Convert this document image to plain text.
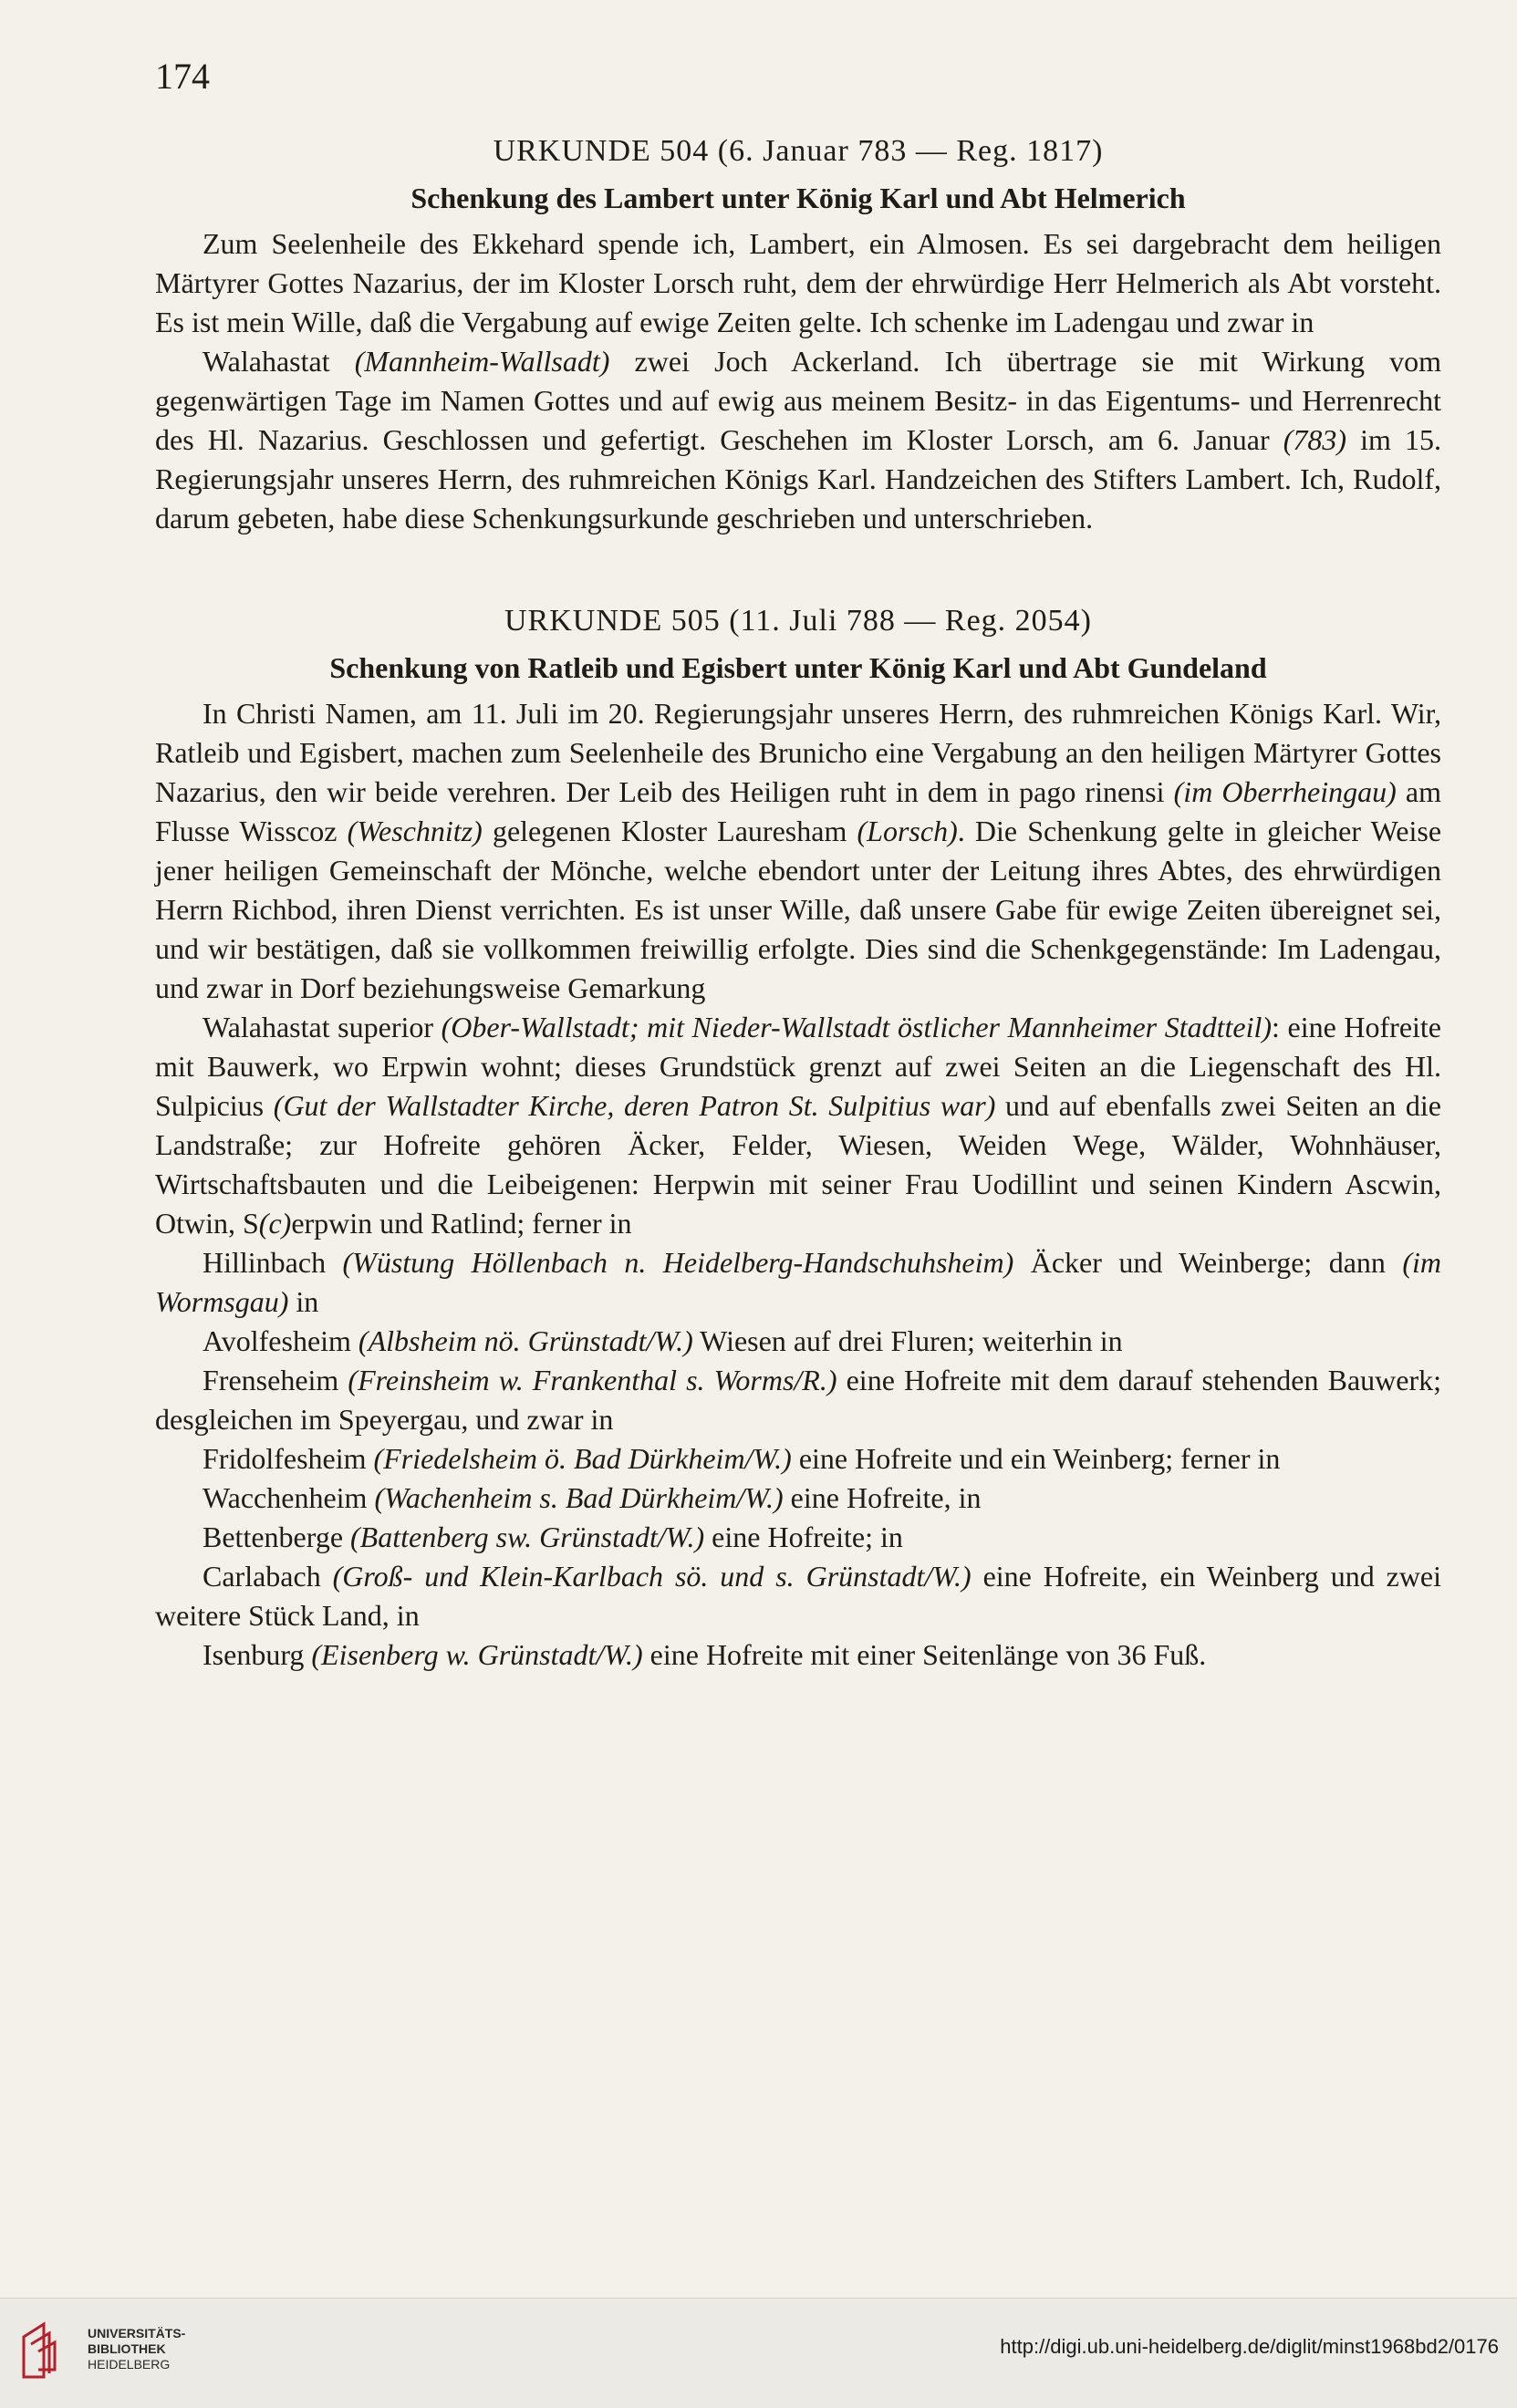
174
URKUNDE 504 (6. Januar 783 — Reg. 1817)
Schenkung des Lambert unter König Karl und Abt Helmerich

Zum Seelenheile des Ekkehard spende ich, Lambert, ein Almosen. Es sei dargebracht dem heiligen Märtyrer Gottes Nazarius, der im Kloster Lorsch ruht, dem der ehrwürdige Herr Helmerich als Abt vorsteht. Es ist mein Wille, daß die Vergabung auf ewige Zeiten gelte. Ich schenke im Ladengau und zwar in

Walahastat (Mannheim-Wallsadt) zwei Joch Ackerland. Ich übertrage sie mit Wirkung vom gegenwärtigen Tage im Namen Gottes und auf ewig aus meinem Besitz- in das Eigentums- und Herrenrecht des Hl. Nazarius. Geschlossen und gefertigt. Geschehen im Kloster Lorsch, am 6. Januar (783) im 15. Regierungsjahr unseres Herrn, des ruhmreichen Königs Karl. Handzeichen des Stifters Lambert. Ich, Rudolf, darum gebeten, habe diese Schenkungsurkunde geschrieben und unterschrieben.

URKUNDE 505 (11. Juli 788 — Reg. 2054)
Schenkung von Ratleib und Egisbert unter König Karl und Abt Gundeland

In Christi Namen, am 11. Juli im 20. Regierungsjahr unseres Herrn, des ruhmreichen Königs Karl. Wir, Ratleib und Egisbert, machen zum Seelenheile des Brunicho eine Vergabung an den heiligen Märtyrer Gottes Nazarius, den wir beide verehren. Der Leib des Heiligen ruht in dem in pago rinensi (im Oberrheingau) am Flusse Wisscoz (Weschnitz) gelegenen Kloster Lauresham (Lorsch). Die Schenkung gelte in gleicher Weise jener heiligen Gemeinschaft der Mönche, welche ebendort unter der Leitung ihres Abtes, des ehrwürdigen Herrn Richbod, ihren Dienst verrichten. Es ist unser Wille, daß unsere Gabe für ewige Zeiten übereignet sei, und wir bestätigen, daß sie vollkommen freiwillig erfolgte. Dies sind die Schenkgegenstände: Im Ladengau, und zwar in Dorf beziehungsweise Gemarkung

Walahastat superior (Ober-Wallstadt; mit Nieder-Wallstadt östlicher Mannheimer Stadtteil): eine Hofreite mit Bauwerk, wo Erpwin wohnt; dieses Grundstück grenzt auf zwei Seiten an die Liegenschaft des Hl. Sulpicius (Gut der Wallstadter Kirche, deren Patron St. Sulpitius war) und auf ebenfalls zwei Seiten an die Landstraße; zur Hofreite gehören Äcker, Felder, Wiesen, Weiden Wege, Wälder, Wohnhäuser, Wirtschaftsbauten und die Leibeigenen: Herpwin mit seiner Frau Uodillint und seinen Kindern Ascwin, Otwin, S(c)erpwin und Ratlind; ferner in

Hillinbach (Wüstung Höllenbach n. Heidelberg-Handschuhsheim) Äcker und Weinberge; dann (im Wormsgau) in

Avolfesheim (Albsheim nö. Grünstadt/W.) Wiesen auf drei Fluren; weiterhin in

Frenseheim (Freinsheim w. Frankenthal s. Worms/R.) eine Hofreite mit dem darauf stehenden Bauwerk; desgleichen im Speyergau, und zwar in

Fridolfesheim (Friedelsheim ö. Bad Dürkheim/W.) eine Hofreite und ein Weinberg; ferner in

Wacchenheim (Wachenheim s. Bad Dürkheim/W.) eine Hofreite, in

Bettenberge (Battenberg sw. Grünstadt/W.) eine Hofreite; in

Carlabach (Groß- und Klein-Karlbach sö. und s. Grünstadt/W.) eine Hofreite, ein Weinberg und zwei weitere Stück Land, in

Isenburg (Eisenberg w. Grünstadt/W.) eine Hofreite mit einer Seitenlänge von 36 Fuß.

UNIVERSITÄTS-
BIBLIOTHEK
HEIDELBERG
http://digi.ub.uni-heidelberg.de/diglit/minst1968bd2/0176
